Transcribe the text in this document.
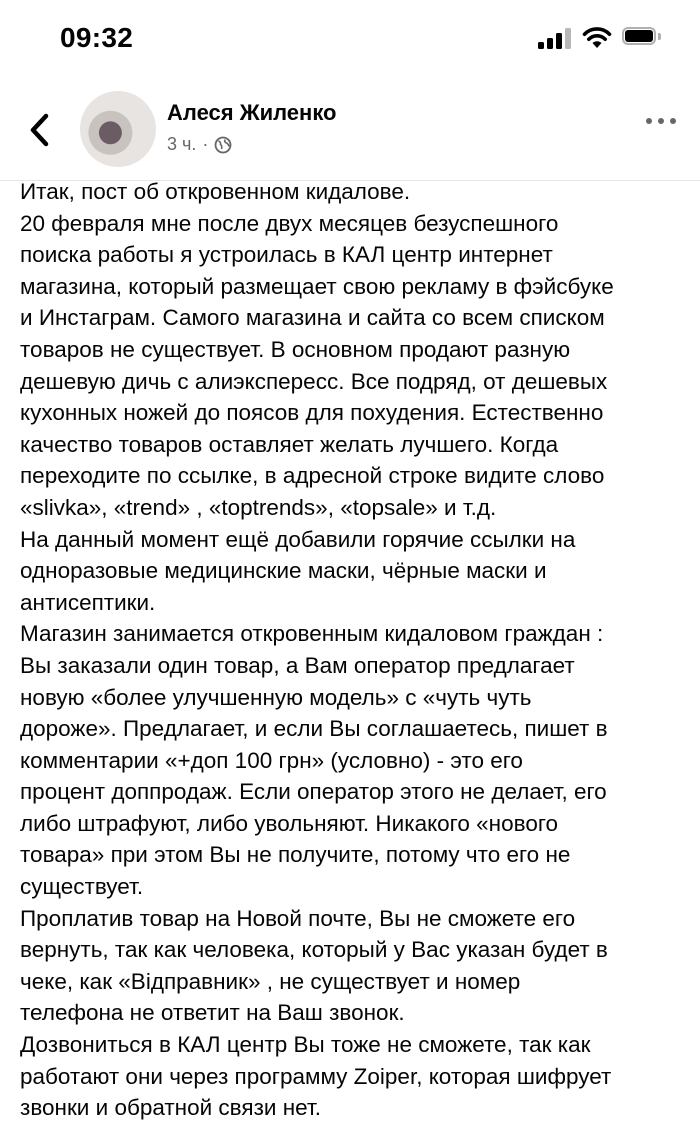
09:32
Алеся Жиленко
3 ч. ·

Итак, пост об откровенном кидалове.

20 февраля мне после двух месяцев безуспешного

поиска работы я устроилась в КАЛ центр интернет

магазина, который размещает свою рекламу в фэйсбуке

и Инстаграм. Самого магазина и сайта со всем списком

товаров не существует. В основном продают разную

дешевую дичь с алиэкспересс. Все подряд, от дешевых

кухонных ножей до поясов для похудения. Естественно

качество товаров оставляет желать лучшего. Когда

переходите по ссылке, в адресной строке видите слово

«slivka», «trend» , «toptrends», «topsale» и т.д.

На данный момент ещё добавили горячие ссылки на

одноразовые медицинские маски, чёрные маски и

антисептики.

Магазин занимается откровенным кидаловом граждан :

Вы заказали один товар, а Вам оператор предлагает

новую «более улучшенную модель» с «чуть чуть

дороже». Предлагает, и если Вы соглашаетесь, пишет в

комментарии «+доп 100 грн» (условно) - это его

процент доппродаж. Если оператор этого не делает, его

либо штрафуют, либо увольняют. Никакого «нового

товара» при этом Вы не получите, потому что его не

существует.

Проплатив товар на Новой почте, Вы не сможете его

вернуть, так как человека, который у Вас указан будет в

чеке, как «Відправник» , не существует и номер

телефона не ответит на Ваш звонок.

Дозвониться в КАЛ центр Вы тоже не сможете, так как

работают они через программу Zoiper, которая шифрует

звонки и обратной связи нет.
